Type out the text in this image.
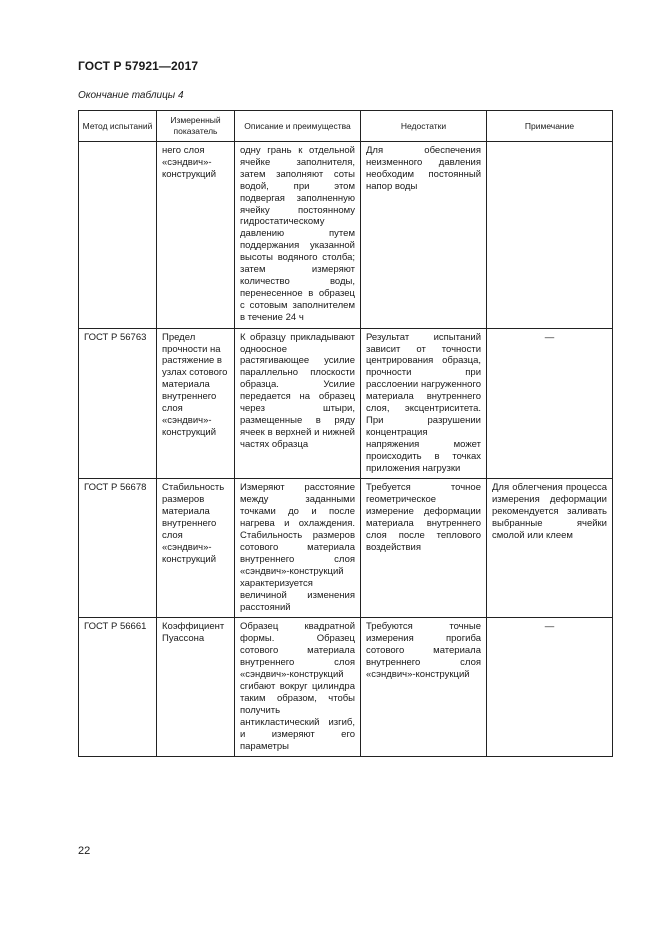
ГОСТ Р 57921—2017
Окончание таблицы 4
Метод испытаний	Измеренный показатель	Описание и преимущества	Недостатки	Примечание
	него слоя «сэндвич»-конструкций	одну грань к отдельной ячейке заполнителя, затем заполняют соты водой, при этом подвергая заполненную ячейку постоянному гидростатическому давлению путем поддержания указанной высоты водяного столба; затем измеряют количество воды, перенесенное в образец с сотовым заполнителем в течение 24 ч	Для обеспечения неизменного давления необходим постоянный напор воды	
ГОСТ Р 56763	Предел прочности на растяжение в узлах сотового материала внутреннего слоя «сэндвич»-конструкций	К образцу прикладывают одноосное растягивающее усилие параллельно плоскости образца. Усилие передается на образец через штыри, размещенные в ряду ячеек в верхней и нижней частях образца	Результат испытаний зависит от точности центрирования образца, прочности при расслоении нагруженного материала внутреннего слоя, эксцентриситета. При разрушении концентрация напряжения может происходить в точках приложения нагрузки	—
ГОСТ Р 56678	Стабильность размеров материала внутреннего слоя «сэндвич»-конструкций	Измеряют расстояние между заданными точками до и после нагрева и охлаждения. Стабильность размеров сотового материала внутреннего слоя «сэндвич»-конструкций характеризуется величиной изменения расстояний	Требуется точное геометрическое измерение деформации материала внутреннего слоя после теплового воздействия	Для облегчения процесса измерения деформации рекомендуется заливать выбранные ячейки смолой или клеем
ГОСТ Р 56661	Коэффициент Пуассона	Образец квадратной формы. Образец сотового материала внутреннего слоя «сэндвич»-конструкций сгибают вокруг цилиндра таким образом, чтобы получить антикластический изгиб, и измеряют его параметры	Требуются точные измерения прогиба сотового материала внутреннего слоя «сэндвич»-конструкций	—
22
